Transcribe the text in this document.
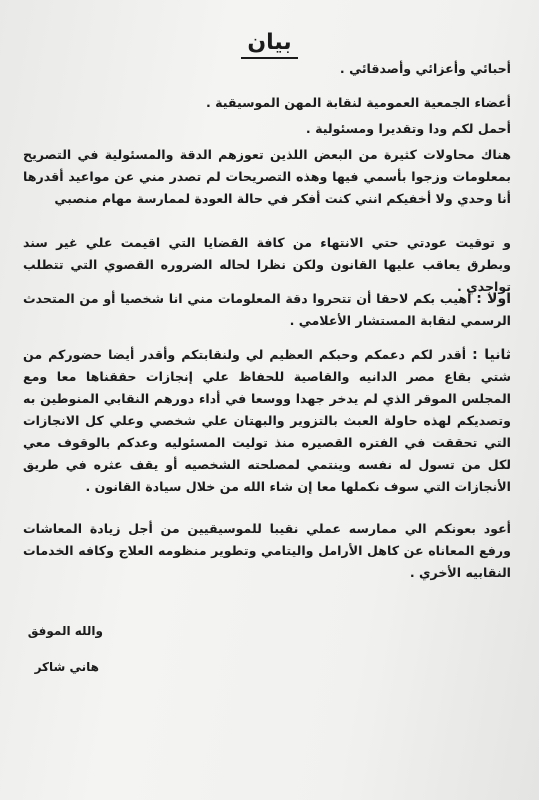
بيان
أحبائي وأعزائي وأصدقائي .
أعضاء الجمعية العمومية لنقابة المهن الموسيقية .
أحمل لكم ودا وتقديرا ومسئولية .
هناك محاولات كثيرة من البعض اللذين تعوزهم الدقة والمسئولية في التصريح بمعلومات وزجوا بأسمي فيها وهذه التصريحات لم تصدر مني عن مواعيد أقدرها أنا وحدي ولا أخفيكم انني كنت أفكر في حالة العودة لممارسة مهام منصبي
و توقيت عودتي حتي الانتهاء من كافة القضايا التي اقيمت علي غير سند وبطرق يعاقب عليها القانون ولكن نظرا لحاله الضروره القصوي التي تتطلب تواجدي .
اولا : أهيب بكم لاحقا أن تتحروا دقة المعلومات مني انا شخصيا أو من المتحدث الرسمي لنقابة المستشار الأعلامي .
ثانيا : أقدر لكم دعمكم وحبكم العظيم لي ولنقابتكم وأقدر أيضا حضوركم من شتي بقاع مصر الدانيه والقاصية للحفاظ علي إنجازات حققناها معا ومع المجلس الموقر الذي لم يدخر جهدا ووسعا في أداء دورهم النقابي المنوطين به وتصديكم لهذه حاولة العبث بالتزوير والبهتان علي شخصي وعلي كل الانجازات التي تحققت في الفتره القصيره منذ توليت المسئوليه وعدكم بالوقوف معي لكل من تسول له نفسه وينتمي لمصلحته الشخصيه أو يقف عثره في طريق الأنجازات التي سوف نكملها معا إن شاء الله من خلال سيادة القانون .
أعود بعونكم الي ممارسه عملي نقيبا للموسيقيين من أجل زيادة المعاشات ورفع المعاناه عن كاهل الأرامل واليتامي وتطوير منظومه العلاج وكافه الخدمات النقابيه الأخري .
والله الموفق
هاني شاكر
